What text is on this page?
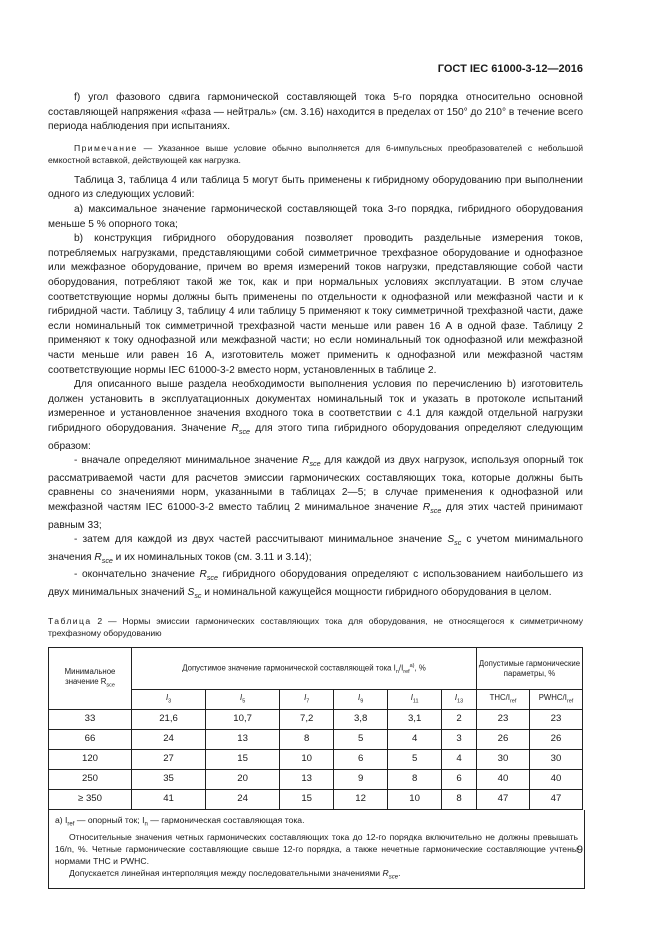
ГОСТ IEC 61000-3-12—2016

f) угол фазового сдвига гармонической составляющей тока 5-го порядка относительно основной составляющей напряжения «фаза — нейтраль» (см. 3.16) находится в пределах от 150° до 210° в течение всего периода наблюдения при испытаниях.

Примечание — Указанное выше условие обычно выполняется для 6-импульсных преобразователей с небольшой емкостной вставкой, действующей как нагрузка.

Таблица 3, таблица 4 или таблица 5 могут быть применены к гибридному оборудованию при выполнении одного из следующих условий:

а) максимальное значение гармонической составляющей тока 3-го порядка, гибридного оборудования меньше 5 % опорного тока;

b) конструкция гибридного оборудования позволяет проводить раздельные измерения токов, потребляемых нагрузками, представляющими собой симметричное трехфазное оборудование и однофазное или межфазное оборудование, причем во время измерений токов нагрузки, представляющие собой части оборудования, потребляют такой же ток, как и при нормальных условиях эксплуатации. В этом случае соответствующие нормы должны быть применены по отдельности к однофазной или межфазной части и к гибридной части. Таблицу 3, таблицу 4 или таблицу 5 применяют к току симметричной трехфазной части, даже если номинальный ток симметричной трехфазной части меньше или равен 16 А в одной фазе. Таблицу 2 применяют к току однофазной или межфазной части; но если номинальный ток однофазной или межфазной части меньше или равен 16 А, изготовитель может применить к однофазной или межфазной частям соответствующие нормы IEC 61000-3-2 вместо норм, установленных в таблице 2.

Для описанного выше раздела необходимости выполнения условия по перечислению b) изготовитель должен установить в эксплуатационных документах номинальный ток и указать в протоколе испытаний измеренное и установленное значения входного тока в соответствии с 4.1 для каждой отдельной нагрузки гибридного оборудования. Значение $R_{sce}$ для этого типа гибридного оборудования определяют следующим образом:

- вначале определяют минимальное значение $R_{sce}$ для каждой из двух нагрузок, используя опорный ток рассматриваемой части для расчетов эмиссии гармонических составляющих тока, которые должны быть сравнены со значениями норм, указанными в таблицах 2—5; в случае применения к однофазной или межфазной частям IEC 61000-3-2 вместо таблиц 2 минимальное значение $R_{sce}$ для этих частей принимают равным 33;

- затем для каждой из двух частей рассчитывают минимальное значение $S_{sc}$ с учетом минимального значения $R_{sce}$ и их номинальных токов (см. 3.11 и 3.14);

- окончательно значение $R_{sce}$ гибридного оборудования определяют с использованием наибольшего из двух минимальных значений $S_{sc}$ и номинальной кажущейся мощности гибридного оборудования в целом.

Таблица 2 — Нормы эмиссии гармонических составляющих тока для оборудования, не относящегося к симметричному трехфазному оборудованию

Минимальное значение $R_{sce}$	Допустимое значение гармонической составляющей тока $I_n/I_{ref}^{a)}$, %						Допустимые гармонические параметры, %	
	$I_3$	$I_5$	$I_7$	$I_9$	$I_{11}$	$I_{13}$	THC/$I_{ref}$	PWHC/$I_{ref}$
33	21,6	10,7	7,2	3,8	3,1	2	23	23
66	24	13	8	5	4	3	26	26
120	27	15	10	6	5	4	30	30
250	35	20	13	9	8	6	40	40
≥ 350	41	24	15	12	10	8	47	47

a) $I_{ref}$ — опорный ток; $I_n$ — гармоническая составляющая тока.

Относительные значения четных гармонических составляющих тока до 12-го порядка включительно не должны превышать 16/n, %. Четные гармонические составляющие свыше 12-го порядка, а также нечетные гармонические составляющие учтены нормами THC и PWHC.

Допускается линейная интерполяция между последовательными значениями $R_{sce}$.

9
